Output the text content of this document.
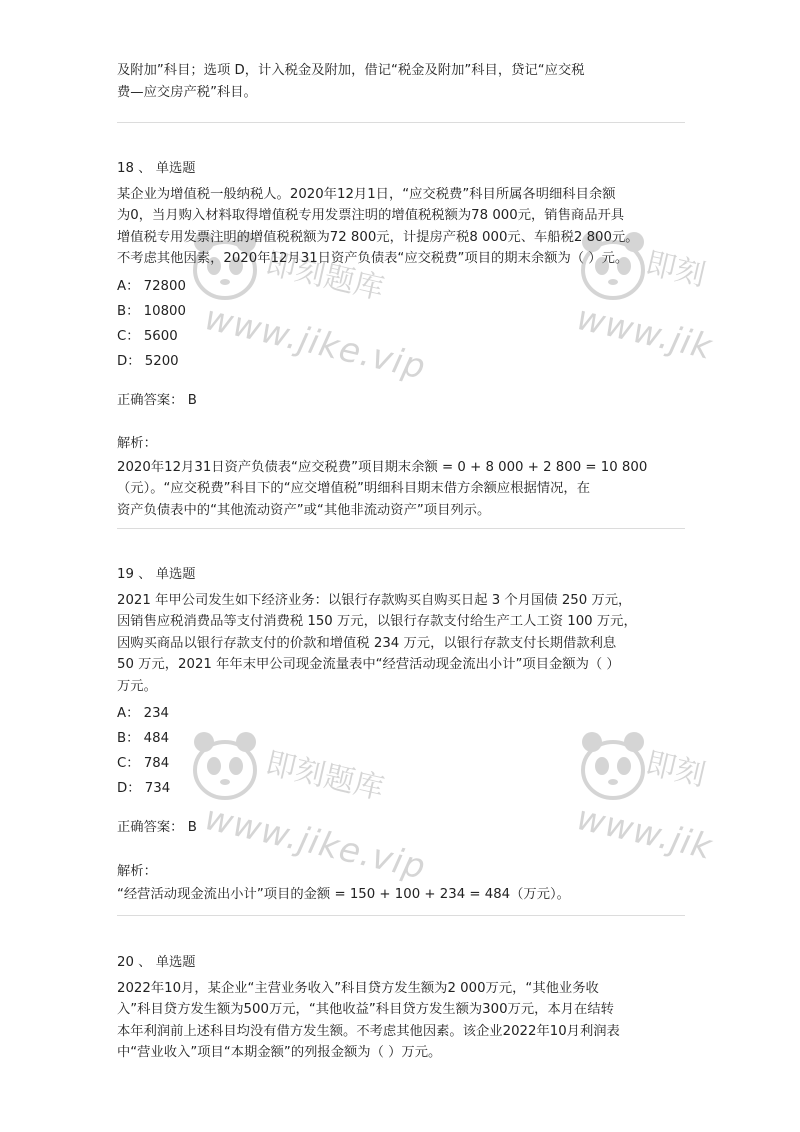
及附加”科目；选项 D，计入税金及附加，借记“税金及附加”科目，贷记“应交税
费—应交房产税”科目。
18 、 单选题

某企业为增值税一般纳税人。2020年12月1日，“应交税费”科目所属各明细科目余额

为0，当月购入材料取得增值税专用发票注明的增值税税额为78 000元，销售商品开具

增值税专用发票注明的增值税税额为72 800元，计提房产税8 000元、车船税2 800元。

不考虑其他因素，2020年12月31日资产负债表“应交税费”项目的期末余额为（ ）元。

A： 72800
B： 10800
C： 5600
D： 5200
正确答案： B
解析：
2020年12月31日资产负债表“应交税费”项目期末余额 = 0 + 8 000 + 2 800 = 10 800
（元）。“应交税费”科目下的“应交增值税”明细科目期末借方余额应根据情况，在
资产负债表中的“其他流动资产”或“其他非流动资产”项目列示。
19 、 单选题

2021 年甲公司发生如下经济业务：以银行存款购买自购买日起 3 个月国债 250 万元，

因销售应税消费品等支付消费税 150 万元，以银行存款支付给生产工人工资 100 万元，

因购买商品以银行存款支付的价款和增值税 234 万元，以银行存款支付长期借款利息

50 万元，2021 年年末甲公司现金流量表中“经营活动现金流出小计”项目金额为（ ）

万元。

A： 234
B： 484
C： 784
D： 734
正确答案： B
解析：
“经营活动现金流出小计”项目的金额 = 150 + 100 + 234 = 484（万元）。
20 、 单选题

2022年10月，某企业“主营业务收入”科目贷方发生额为2 000万元，“其他业务收

入”科目贷方发生额为500万元，“其他收益”科目贷方发生额为300万元，本月在结转

本年利润前上述科目均没有借方发生额。不考虑其他因素。该企业2022年10月利润表

中“营业收入”项目“本期金额”的列报金额为（ ）万元。

即刻题库
www.jike.vip
即刻
www.jik
即刻题库
www.jike.vip
即刻
www.jik
